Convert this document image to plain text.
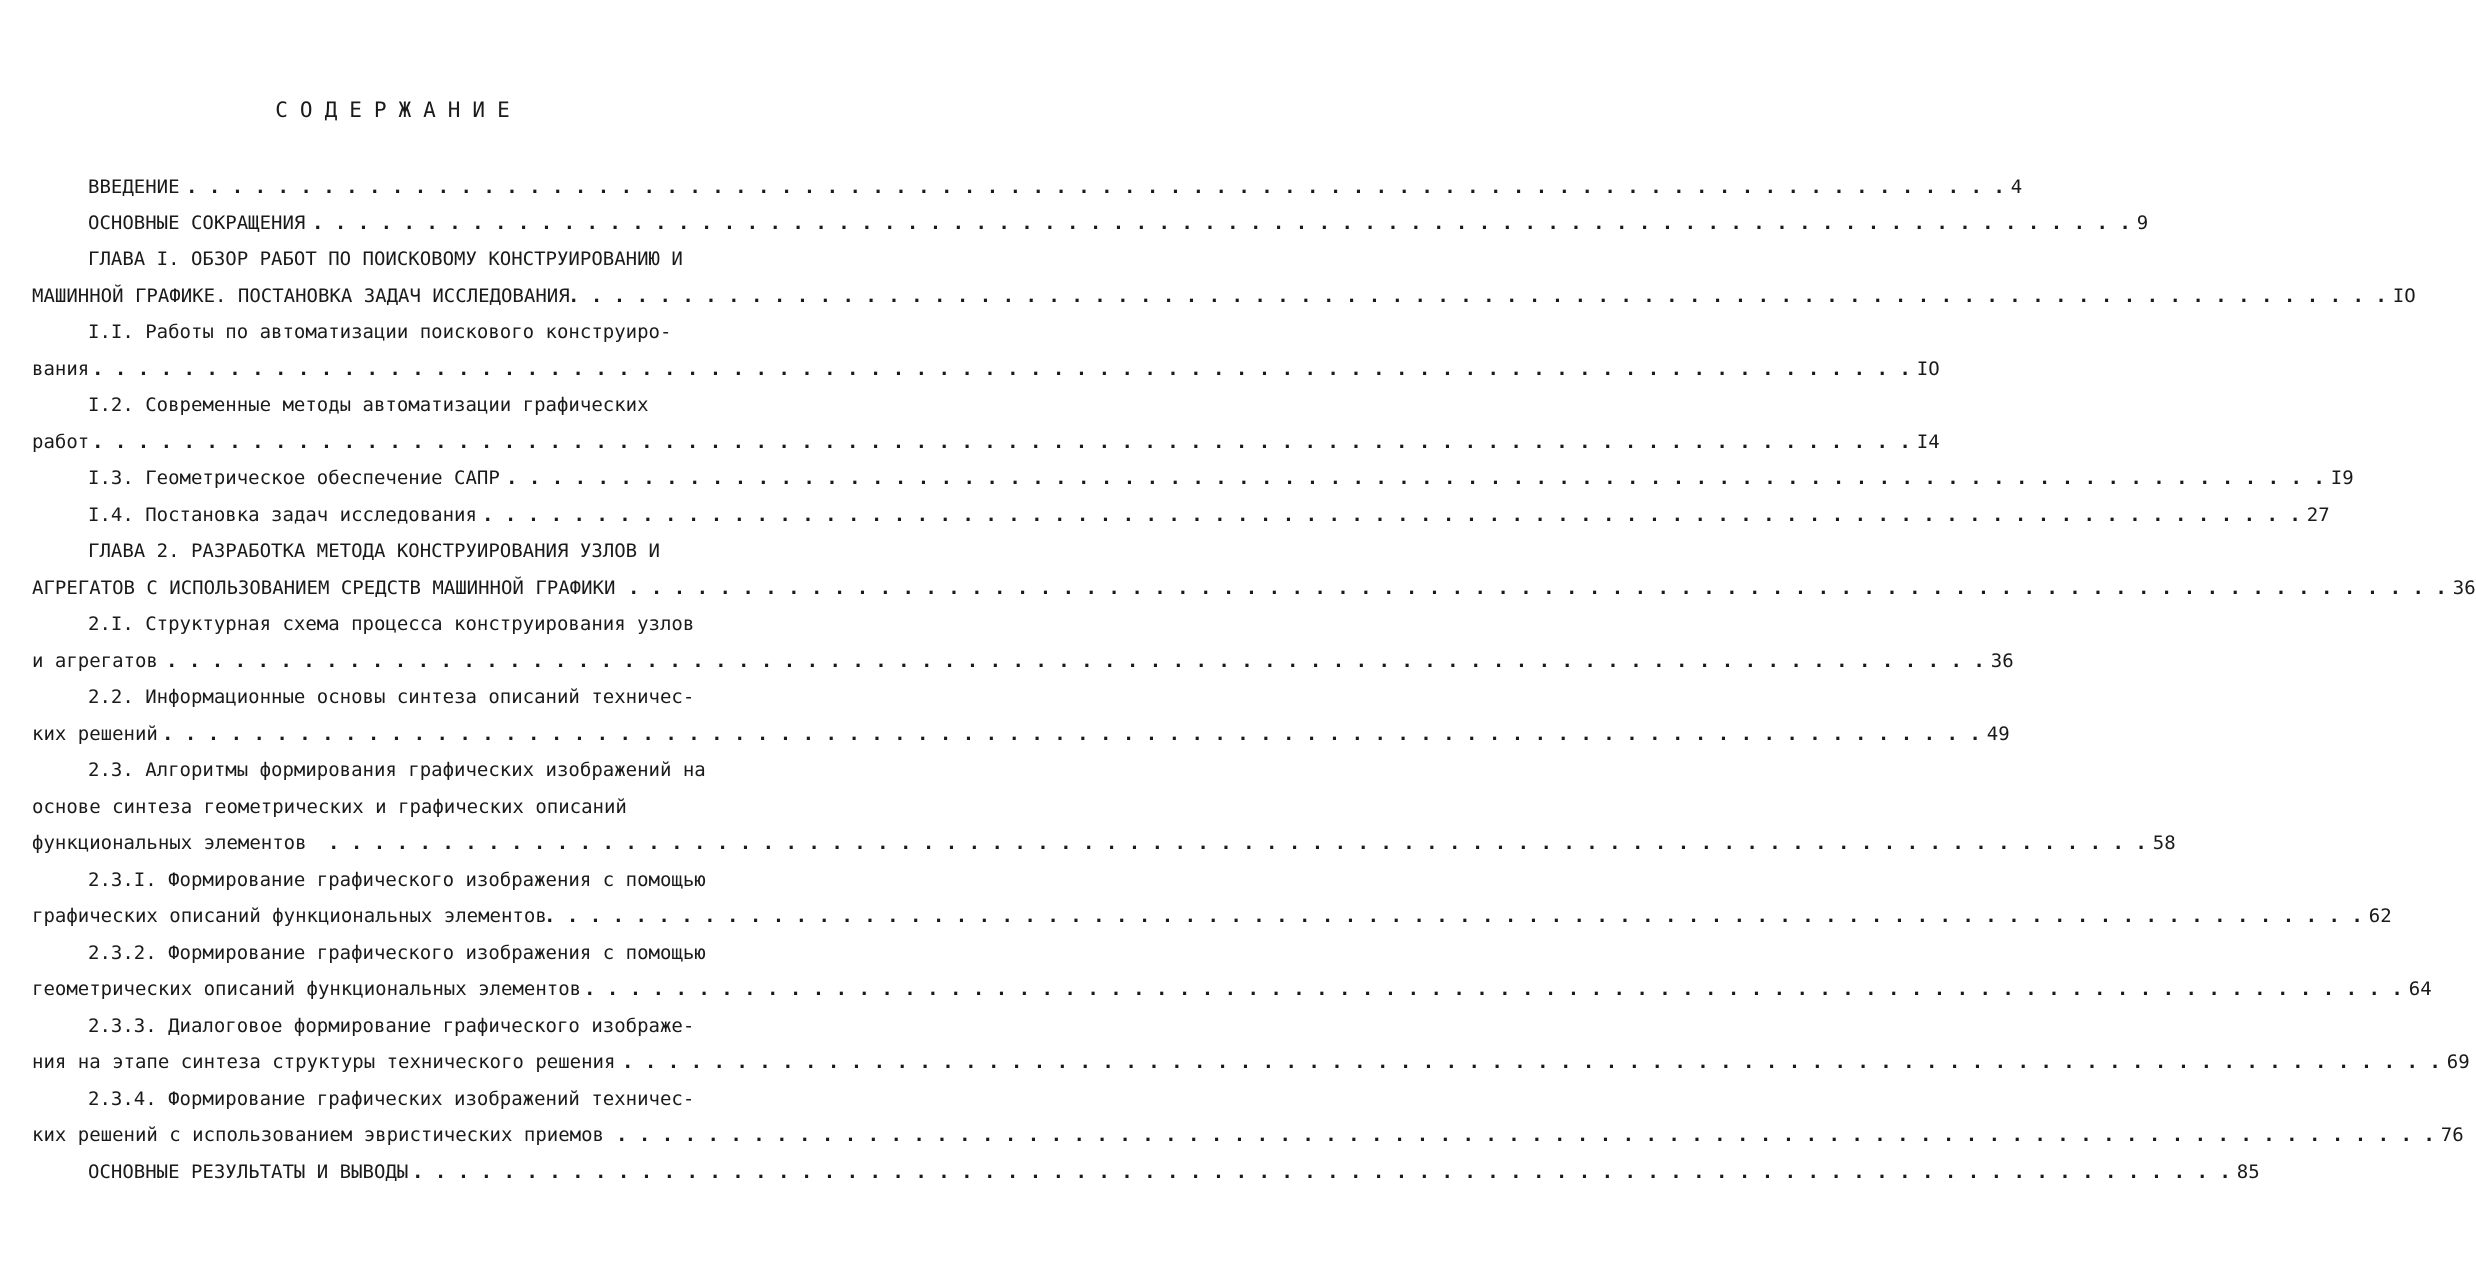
СОДЕРЖАНИЕ
ВВЕДЕНИЕ . . . . . . . . . . . . . . . . . . . . . . . . . . . . . . . . . . . . . . . . . . . . . . . . . . . . . . . . . . . . . . . . . . . . . . . . . . . . . . . . 4
ОСНОВНЫЕ СОКРАЩЕНИЯ . . . . . . . . . . . . . . . . . . . . . . . . . . . . . . . . . . . . . . . . . . . . . . . . . . . . . . . . . . . . . . . . . . . . . . . . . . . . . . . . 9
ГЛАВА I. ОБЗОР РАБОТ ПО ПОИСКОВОМУ КОНСТРУИРОВАНИЮ И
МАШИННОЙ ГРАФИКЕ. ПОСТАНОВКА ЗАДАЧ ИССЛЕДОВАНИЯ
. . . . . . . . . . . . . . . . . . . . . . . . . . . . . . . . . . . . . . . . . . . . . . . . . . . . . . . . . . . . . . . . . . . . . . . . . . . . . . . . IO
I.I. Работы по автоматизации поискового конструиро-
вания . . . . . . . . . . . . . . . . . . . . . . . . . . . . . . . . . . . . . . . . . . . . . . . . . . . . . . . . . . . . . . . . . . . . . . . . . . . . . . . . IO
I.2. Современные методы автоматизации графических
работ . . . . . . . . . . . . . . . . . . . . . . . . . . . . . . . . . . . . . . . . . . . . . . . . . . . . . . . . . . . . . . . . . . . . . . . . . . . . . . . . I4
I.3. Геометрическое обеспечение САПР . . . . . . . . . . . . . . . . . . . . . . . . . . . . . . . . . . . . . . . . . . . . . . . . . . . . . . . . . . . . . . . . . . . . . . . . . . . . . . . . I9
I.4. Постановка задач исследования . . . . . . . . . . . . . . . . . . . . . . . . . . . . . . . . . . . . . . . . . . . . . . . . . . . . . . . . . . . . . . . . . . . . . . . . . . . . . . . . 27
ГЛАВА 2. РАЗРАБОТКА МЕТОДА КОНСТРУИРОВАНИЯ УЗЛОВ И
АГРЕГАТОВ С ИСПОЛЬЗОВАНИЕМ СРЕДСТВ МАШИННОЙ ГРАФИКИ . . . . . . . . . . . . . . . . . . . . . . . . . . . . . . . . . . . . . . . . . . . . . . . . . . . . . . . . . . . . . . . . . . . . . . . . . . . . . . . . 36
2.I. Структурная схема процесса конструирования узлов
и агрегатов . . . . . . . . . . . . . . . . . . . . . . . . . . . . . . . . . . . . . . . . . . . . . . . . . . . . . . . . . . . . . . . . . . . . . . . . . . . . . . . . 36
2.2. Информационные основы синтеза описаний техничес-
ких решений . . . . . . . . . . . . . . . . . . . . . . . . . . . . . . . . . . . . . . . . . . . . . . . . . . . . . . . . . . . . . . . . . . . . . . . . . . . . . . . . 49
2.3. Алгоритмы формирования графических изображений на
основе синтеза геометрических и графических описаний
функциональных элементов . . . . . . . . . . . . . . . . . . . . . . . . . . . . . . . . . . . . . . . . . . . . . . . . . . . . . . . . . . . . . . . . . . . . . . . . . . . . . . . . 58
2.3.I. Формирование графического изображения с помощью
графических описаний функциональных элементов
. . . . . . . . . . . . . . . . . . . . . . . . . . . . . . . . . . . . . . . . . . . . . . . . . . . . . . . . . . . . . . . . . . . . . . . . . . . . . . . . 62
2.3.2. Формирование графического изображения с помощью
геометрических описаний функциональных элементов . . . . . . . . . . . . . . . . . . . . . . . . . . . . . . . . . . . . . . . . . . . . . . . . . . . . . . . . . . . . . . . . . . . . . . . . . . . . . . . . 64
2.3.3. Диалоговое формирование графического изображе-
ния на этапе синтеза структуры технического решения . . . . . . . . . . . . . . . . . . . . . . . . . . . . . . . . . . . . . . . . . . . . . . . . . . . . . . . . . . . . . . . . . . . . . . . . . . . . . . . . 69
2.3.4. Формирование графических изображений техничес-
ких решений с использованием эвристических приемов . . . . . . . . . . . . . . . . . . . . . . . . . . . . . . . . . . . . . . . . . . . . . . . . . . . . . . . . . . . . . . . . . . . . . . . . . . . . . . . . 76
ОСНОВНЫЕ РЕЗУЛЬТАТЫ И ВЫВОДЫ . . . . . . . . . . . . . . . . . . . . . . . . . . . . . . . . . . . . . . . . . . . . . . . . . . . . . . . . . . . . . . . . . . . . . . . . . . . . . . . . 85
